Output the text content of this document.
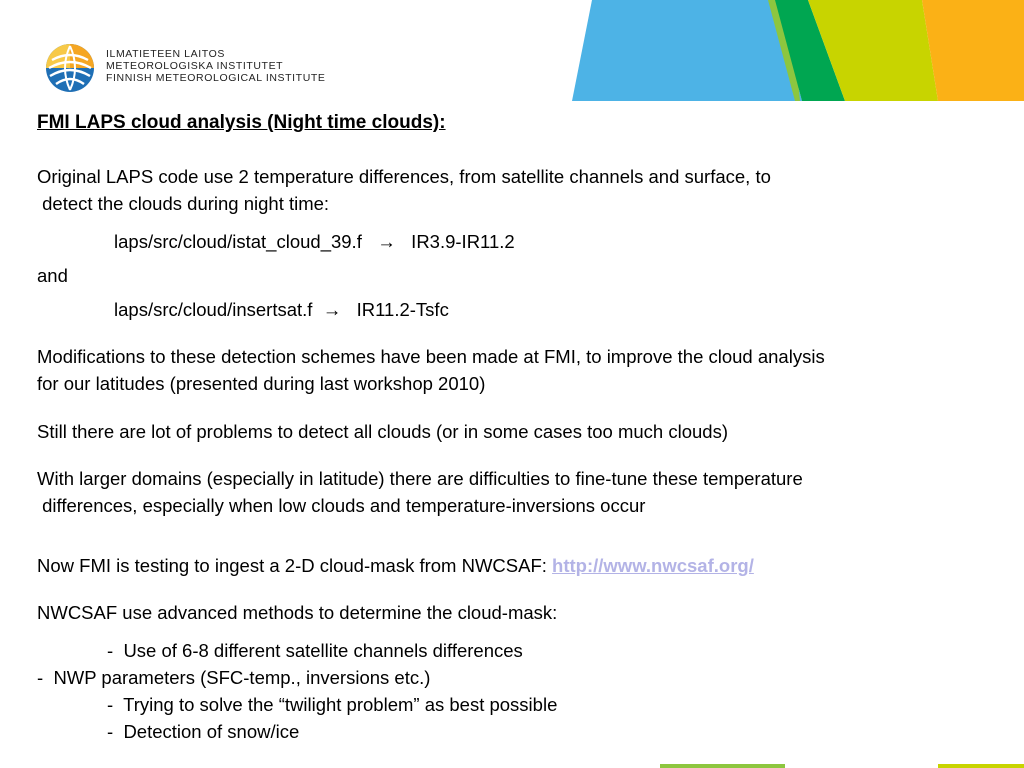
ILMATIETEEN LAITOS
METEOROLOGISKA INSTITUTET
FINNISH METEOROLOGICAL INSTITUTE
FMI LAPS cloud analysis (Night time clouds):
Original LAPS code use 2 temperature differences, from satellite channels and surface, to
detect the clouds during night time:
laps/src/cloud/istat_cloud_39.f   →   IR3.9-IR11.2
and
laps/src/cloud/insertsat.f  →   IR11.2-Tsfc
Modifications to these detection schemes have been made at FMI, to improve the cloud analysis
for our latitudes (presented during last workshop 2010)
Still there are lot of problems to detect all clouds (or in some cases too much clouds)
With larger domains (especially in latitude) there are difficulties to fine-tune these temperature
differences, especially when low clouds and temperature-inversions occur
Now FMI is testing to ingest a 2-D cloud-mask from NWCSAF: http://www.nwcsaf.org/
NWCSAF use advanced methods to determine the cloud-mask:
-  Use of 6-8 different satellite channels differences
-  NWP parameters (SFC-temp., inversions etc.)
-  Trying to solve the “twilight problem” as best possible
-  Detection of snow/ice
